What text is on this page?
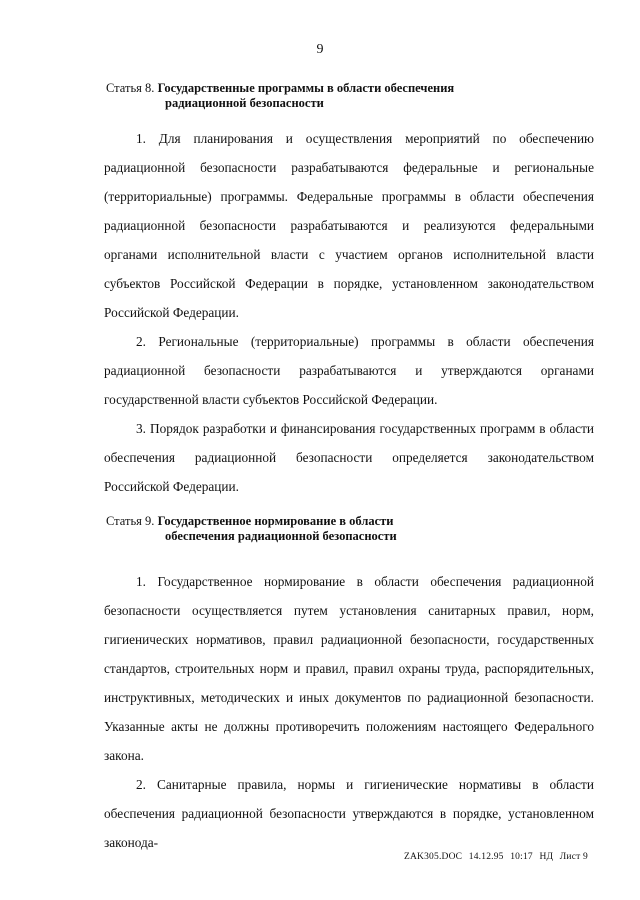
9
Статья 8. Государственные программы в области обеспечения
радиационной безопасности

1. Для планирования и осуществления мероприятий по обеспечению радиационной безопасности разрабатываются федеральные и региональные (территориальные) программы. Федеральные программы в области обеспечения радиационной безопасности разрабатываются и реализуются федеральными органами исполнительной власти с участием органов исполнительной власти субъектов Российской Федерации в порядке, установленном законодательством Российской Федерации.

2. Региональные (территориальные) программы в области обеспечения радиационной безопасности разрабатываются и утверждаются органами государственной власти субъектов Российской Федерации.

3. Порядок разработки и финансирования государственных программ в области обеспечения радиационной безопасности определяется законодательством Российской Федерации.

Статья 9. Государственное нормирование в области
обеспечения радиационной безопасности

1. Государственное нормирование в области обеспечения радиационной безопасности осуществляется путем установления санитарных правил, норм, гигиенических нормативов, правил радиационной безопасности, государственных стандартов, строительных норм и правил, правил охраны труда, распорядительных, инструктивных, методических и иных документов по радиационной безопасности. Указанные акты не должны противоречить положениям настоящего Федерального закона.

2. Санитарные правила, нормы и гигиенические нормативы в области обеспечения радиационной безопасности утверждаются в порядке, установленном законода-

ZAK305.DOC 14.12.95 10:17 НД Лист 9
